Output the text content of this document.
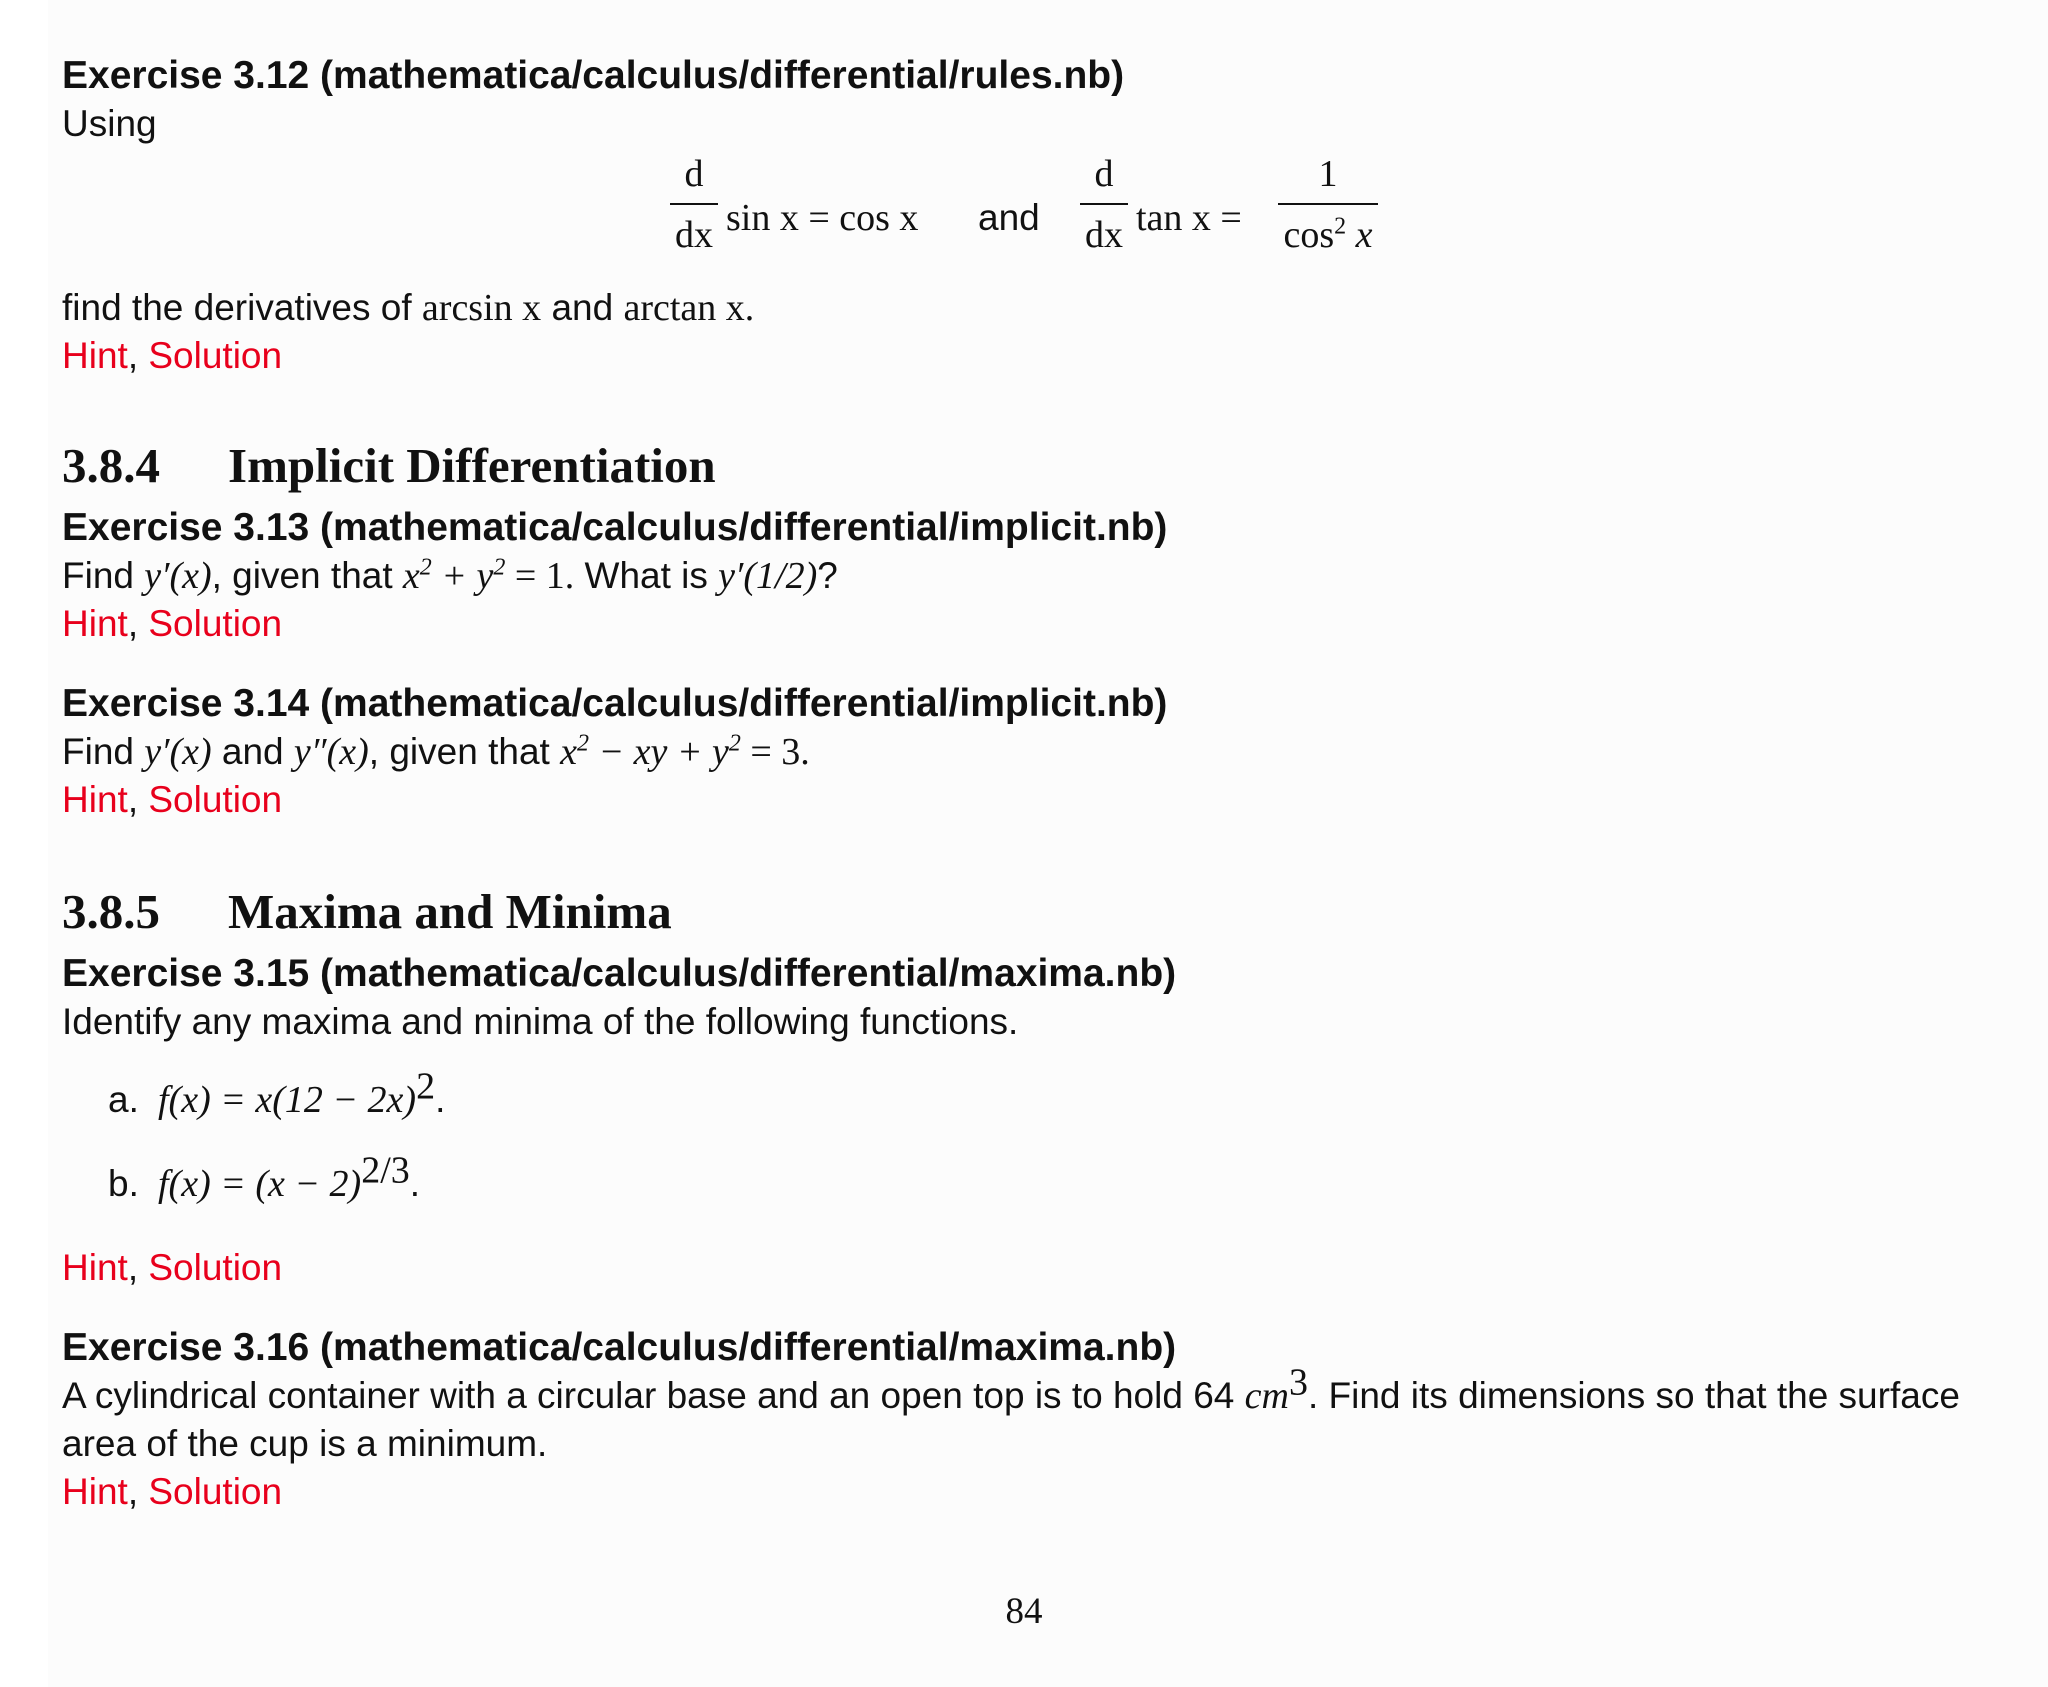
Exercise 3.12 (mathematica/calculus/differential/rules.nb)
Using
d
dx sin x = cos x and
d
dx tan x =
1
$\cos^2 x$
find the derivatives of arcsin x and arctan x.
Hint, Solution
3.8.4 Implicit Differentiation
Exercise 3.13 (mathematica/calculus/differential/implicit.nb)
Find y′(x), given that $x^2 + y^2 = 1$. What is y′(1/2)?
Hint, Solution
Exercise 3.14 (mathematica/calculus/differential/implicit.nb)
Find y′(x) and y″(x), given that $x^2$ − xy + $y^2 = 3$.
Hint, Solution
3.8.5 Maxima and Minima
Exercise 3.15 (mathematica/calculus/differential/maxima.nb)
Identify any maxima and minima of the following functions.
a. $f(x) = x(12 - 2x)^2$.
b. $f(x) = (x - 2)^{2/3}$.
Hint, Solution
Exercise 3.16 (mathematica/calculus/differential/maxima.nb)
A cylindrical container with a circular base and an open top is to hold 64 $cm^3$. Find its dimensions so that the surface
area of the cup is a minimum.
Hint, Solution
84
